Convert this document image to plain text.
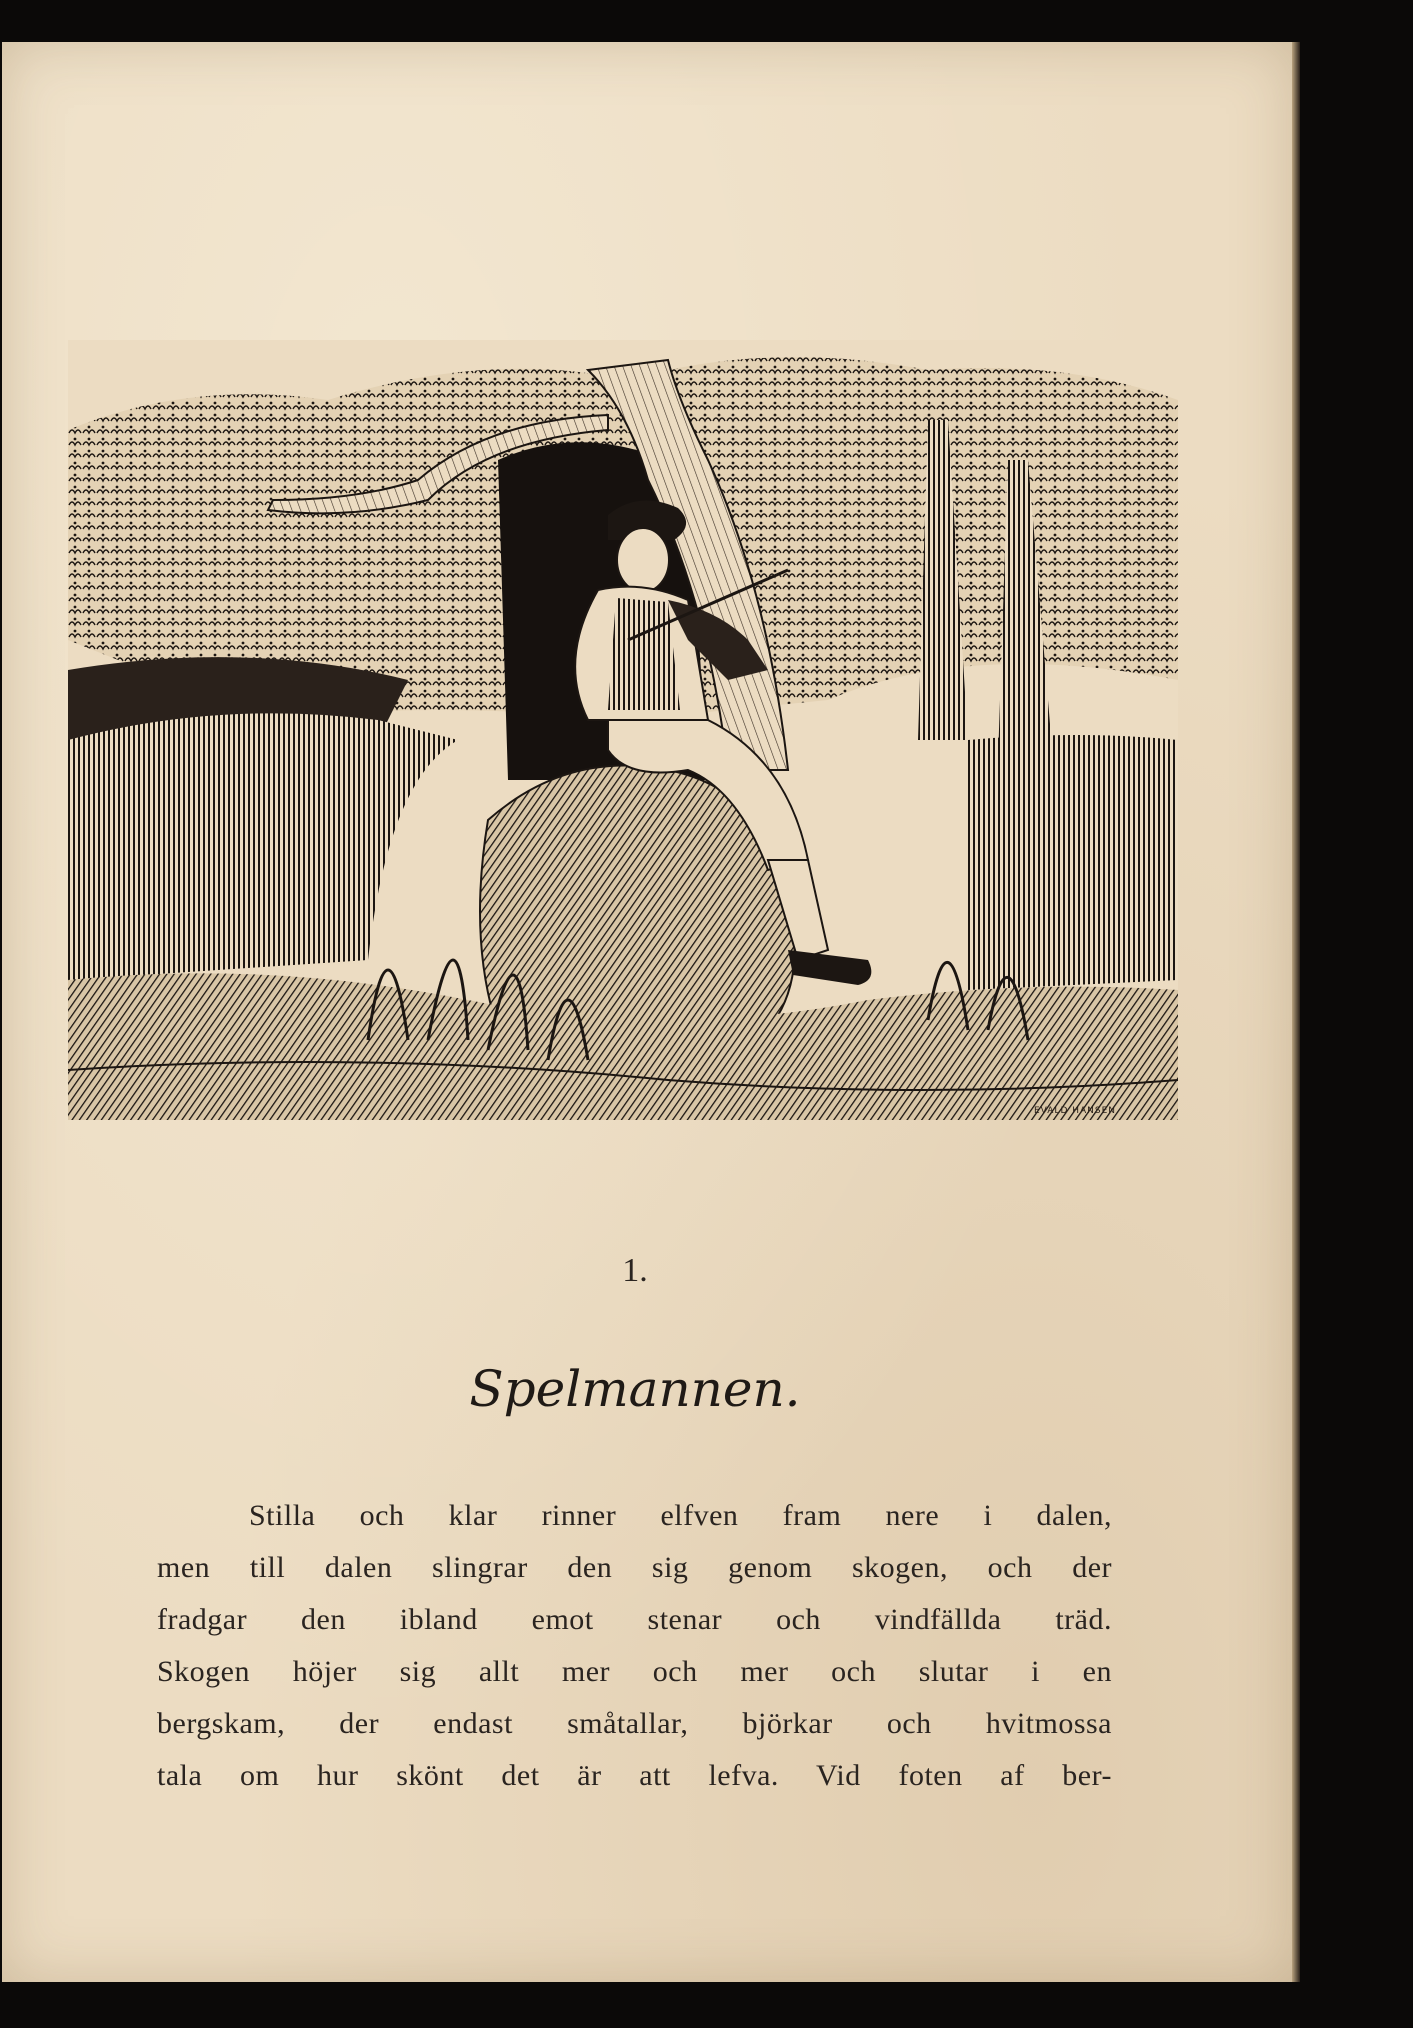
EVALD HANSEN.
1.
Spelmannen.
Stilla och klar rinner elfven fram nere i dalen,
men till dalen slingrar den sig genom skogen, och der
fradgar den ibland emot stenar och vindfällda träd.
Skogen höjer sig allt mer och mer och slutar i en
bergskam, der endast småtallar, björkar och hvitmossa
tala om hur skönt det är att lefva. Vid foten af ber-
